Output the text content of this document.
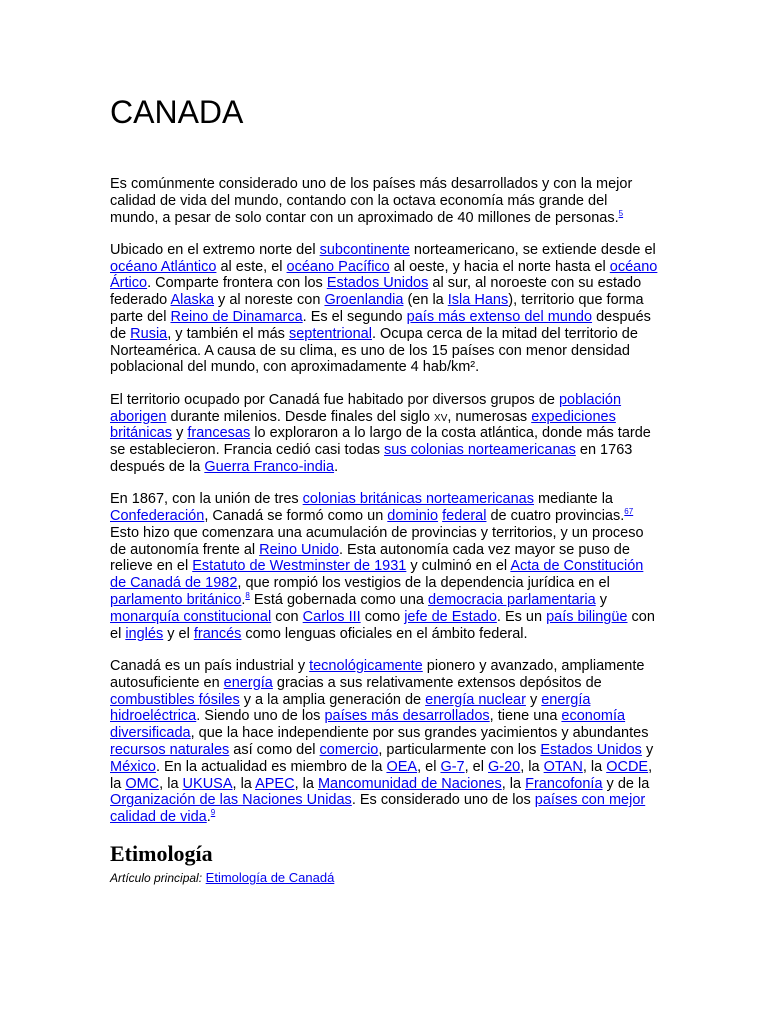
CANADA

Es comúnmente considerado uno de los países más desarrollados y con la mejor calidad de vida del mundo, contando con la octava economía más grande del mundo, a pesar de solo contar con un aproximado de 40 millones de personas.$^5$

Ubicado en el extremo norte del subcontinente norteamericano, se extiende desde el océano Atlántico al este, el océano Pacífico al oeste, y hacia el norte hasta el océano Ártico. Comparte frontera con los Estados Unidos al sur, al noroeste con su estado federado Alaska y al noreste con Groenlandia (en la Isla Hans), territorio que forma parte del Reino de Dinamarca. Es el segundo país más extenso del mundo después de Rusia, y también el más septentrional. Ocupa cerca de la mitad del territorio de Norteamérica. A causa de su clima, es uno de los 15 países con menor densidad poblacional del mundo, con aproximadamente 4 hab/km².

El territorio ocupado por Canadá fue habitado por diversos grupos de población aborigen durante milenios. Desde finales del siglo xv, numerosas expediciones británicas y francesas lo exploraron a lo largo de la costa atlántica, donde más tarde se establecieron. Francia cedió casi todas sus colonias norteamericanas en 1763 después de la Guerra Franco-india.

En 1867, con la unión de tres colonias británicas norteamericanas mediante la Confederación, Canadá se formó como un dominio federal de cuatro provincias.$^{67}$ Esto hizo que comenzara una acumulación de provincias y territorios, y un proceso de autonomía frente al Reino Unido. Esta autonomía cada vez mayor se puso de relieve en el Estatuto de Westminster de 1931 y culminó en el Acta de Constitución de Canadá de 1982, que rompió los vestigios de la dependencia jurídica en el parlamento británico.$^8$ Está gobernada como una democracia parlamentaria y monarquía constitucional con Carlos III como jefe de Estado. Es un país bilingüe con el inglés y el francés como lenguas oficiales en el ámbito federal.

Canadá es un país industrial y tecnológicamente pionero y avanzado, ampliamente autosuficiente en energía gracias a sus relativamente extensos depósitos de combustibles fósiles y a la amplia generación de energía nuclear y energía hidroeléctrica. Siendo uno de los países más desarrollados, tiene una economía diversificada, que la hace independiente por sus grandes yacimientos y abundantes recursos naturales así como del comercio, particularmente con los Estados Unidos y México. En la actualidad es miembro de la OEA, el G-7, el G-20, la OTAN, la OCDE, la OMC, la UKUSA, la APEC, la Mancomunidad de Naciones, la Francofonía y de la Organización de las Naciones Unidas. Es considerado uno de los países con mejor calidad de vida.$^9$

Etimología
Artículo principal: Etimología de Canadá
